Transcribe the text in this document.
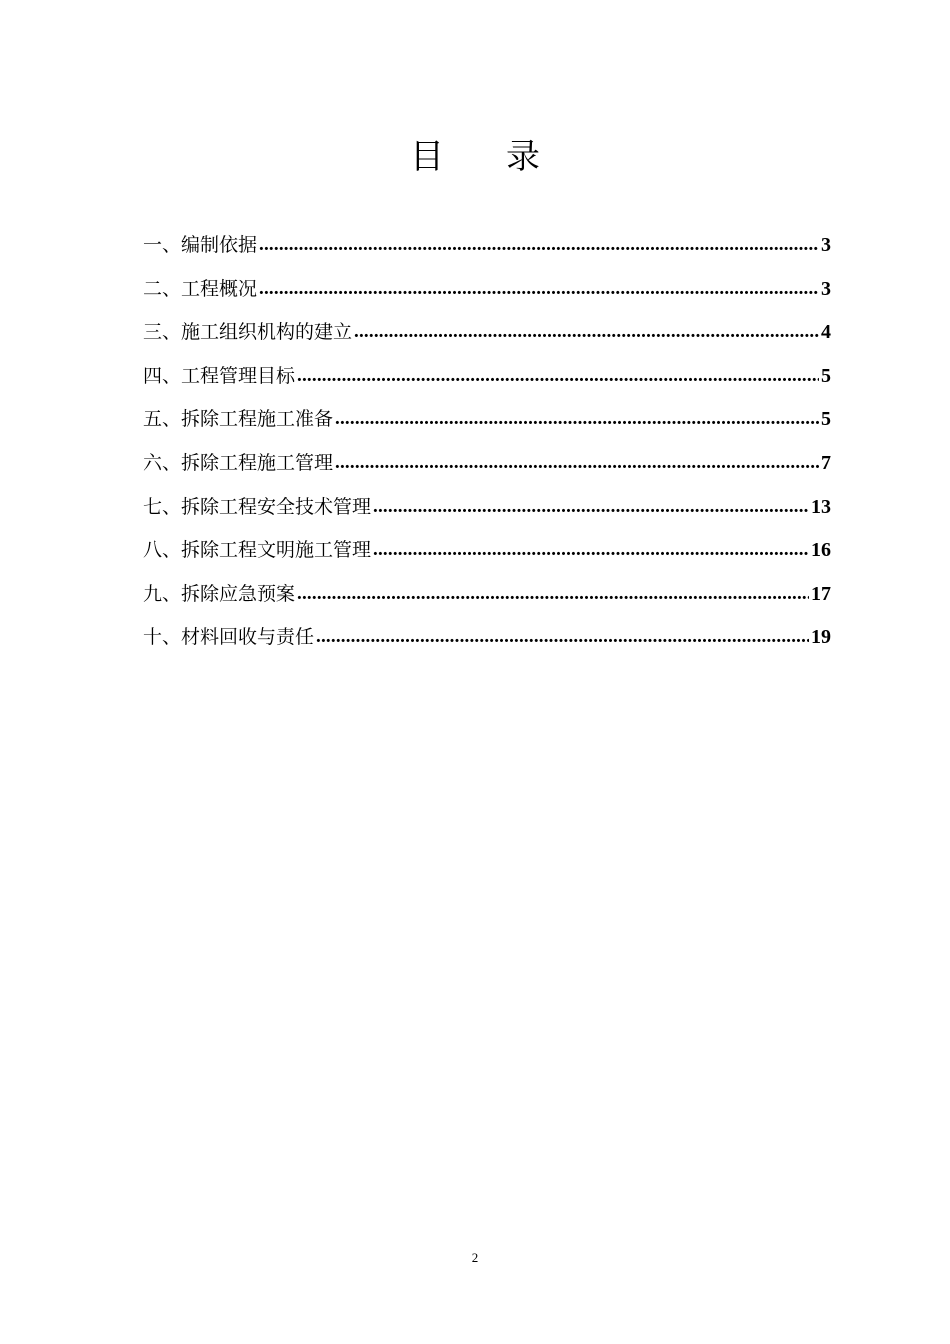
目录
一、编制依据 .....	3
二、工程概况 .....	3
三、施工组织机构的建立 .....	4
四、工程管理目标 .....	5
五、拆除工程施工准备 .....	5
六、拆除工程施工管理 .....	7
七、拆除工程安全技术管理 .....	13
八、拆除工程文明施工管理 .....	16
九、拆除应急预案 .....	17
十、材料回收与责任 .....	19
2
